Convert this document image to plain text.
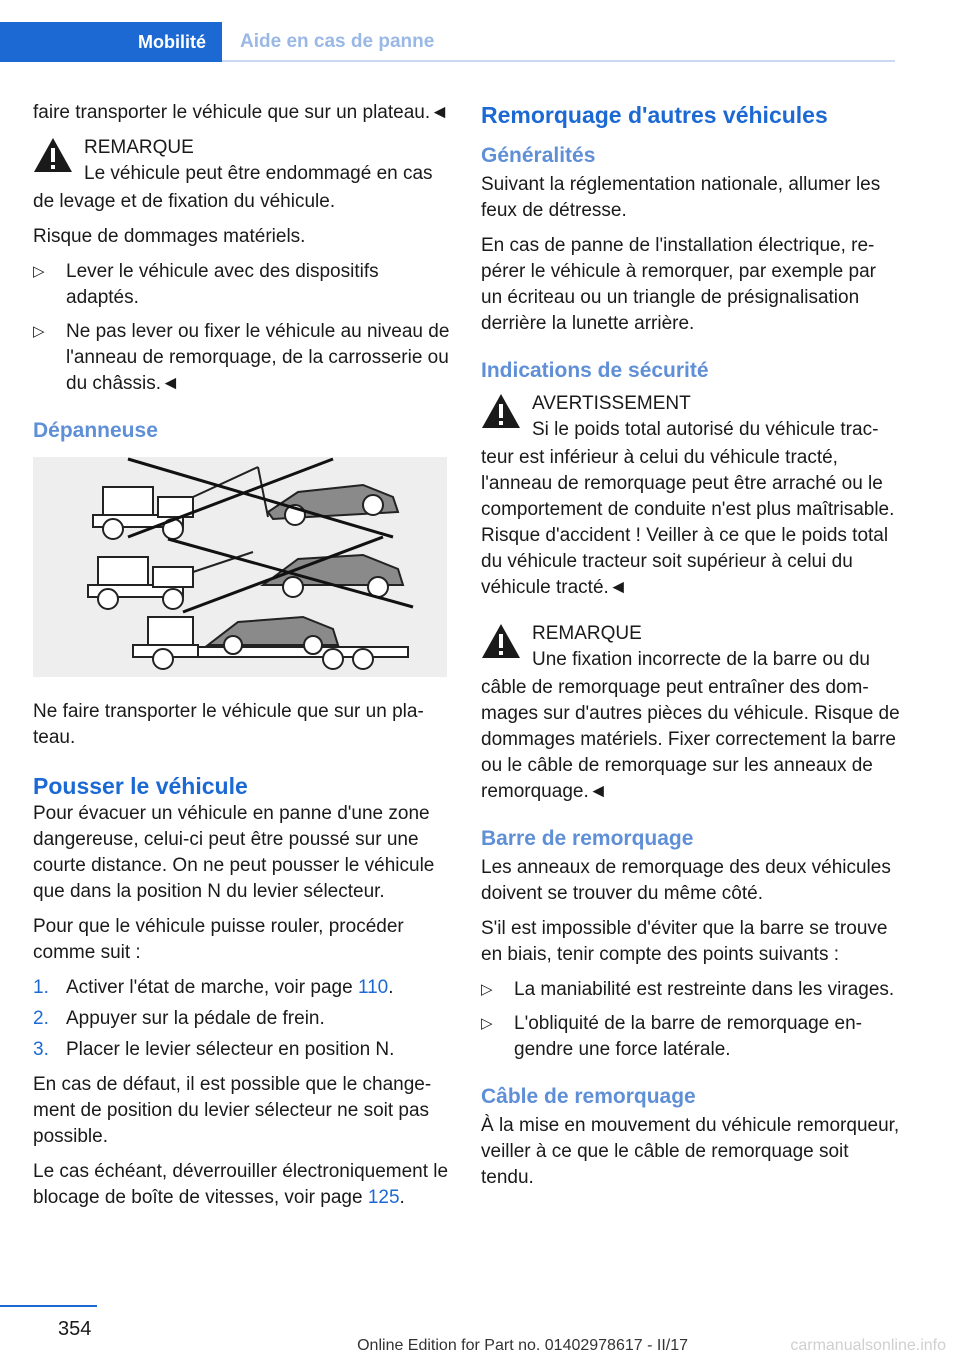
Mobilité	Aide en cas de panne

faire transporter le véhicule que sur un plateau.◄

REMARQUE
Le véhicule peut être endommagé en cas

de levage et de fixation du véhicule.

Risque de dommages matériels.

▷ Lever le véhicule avec des dispositifs adaptés.
▷ Ne pas lever ou fixer le véhicule au niveau de l'anneau de remorquage, de la carrosserie ou du châssis.◄
Dépanneuse

Ne faire transporter le véhicule que sur un plateau.

Pousser le véhicule

Pour évacuer un véhicule en panne d'une zone dangereuse, celui-ci peut être poussé sur une courte distance. On ne peut pousser le véhicule que dans la position N du levier sélecteur.

Pour que le véhicule puisse rouler, procéder comme suit :

1. Activer l'état de marche, voir page 110.
2. Appuyer sur la pédale de frein.
3. Placer le levier sélecteur en position N.

En cas de défaut, il est possible que le changement de position du levier sélecteur ne soit pas possible.

Le cas échéant, déverrouiller électroniquement le blocage de boîte de vitesses, voir page 125.

Remorquage d'autres véhicules
Généralités

Suivant la réglementation nationale, allumer les feux de détresse.

En cas de panne de l'installation électrique, repérer le véhicule à remorquer, par exemple par un écriteau ou un triangle de présignalisation derrière la lunette arrière.

Indications de sécurité
AVERTISSEMENT
Si le poids total autorisé du véhicule trac-

teur est inférieur à celui du véhicule tracté, l'anneau de remorquage peut être arraché ou le comportement de conduite n'est plus maîtrisable. Risque d'accident ! Veiller à ce que le poids total du véhicule tracteur soit supérieur à celui du véhicule tracté.◄

REMARQUE
Une fixation incorrecte de la barre ou du

câble de remorquage peut entraîner des dommages sur d'autres pièces du véhicule. Risque de dommages matériels. Fixer correctement la barre ou le câble de remorquage sur les anneaux de remorquage.◄

Barre de remorquage

Les anneaux de remorquage des deux véhicules doivent se trouver du même côté.

S'il est impossible d'éviter que la barre se trouve en biais, tenir compte des points suivants :

▷ La maniabilité est restreinte dans les virages.
▷ L'obliquité de la barre de remorquage engendre une force latérale.
Câble de remorquage

À la mise en mouvement du véhicule remorqueur, veiller à ce que le câble de remorquage soit tendu.

354
Online Edition for Part no. 01402978617 - II/17	carmanualsonline.info
